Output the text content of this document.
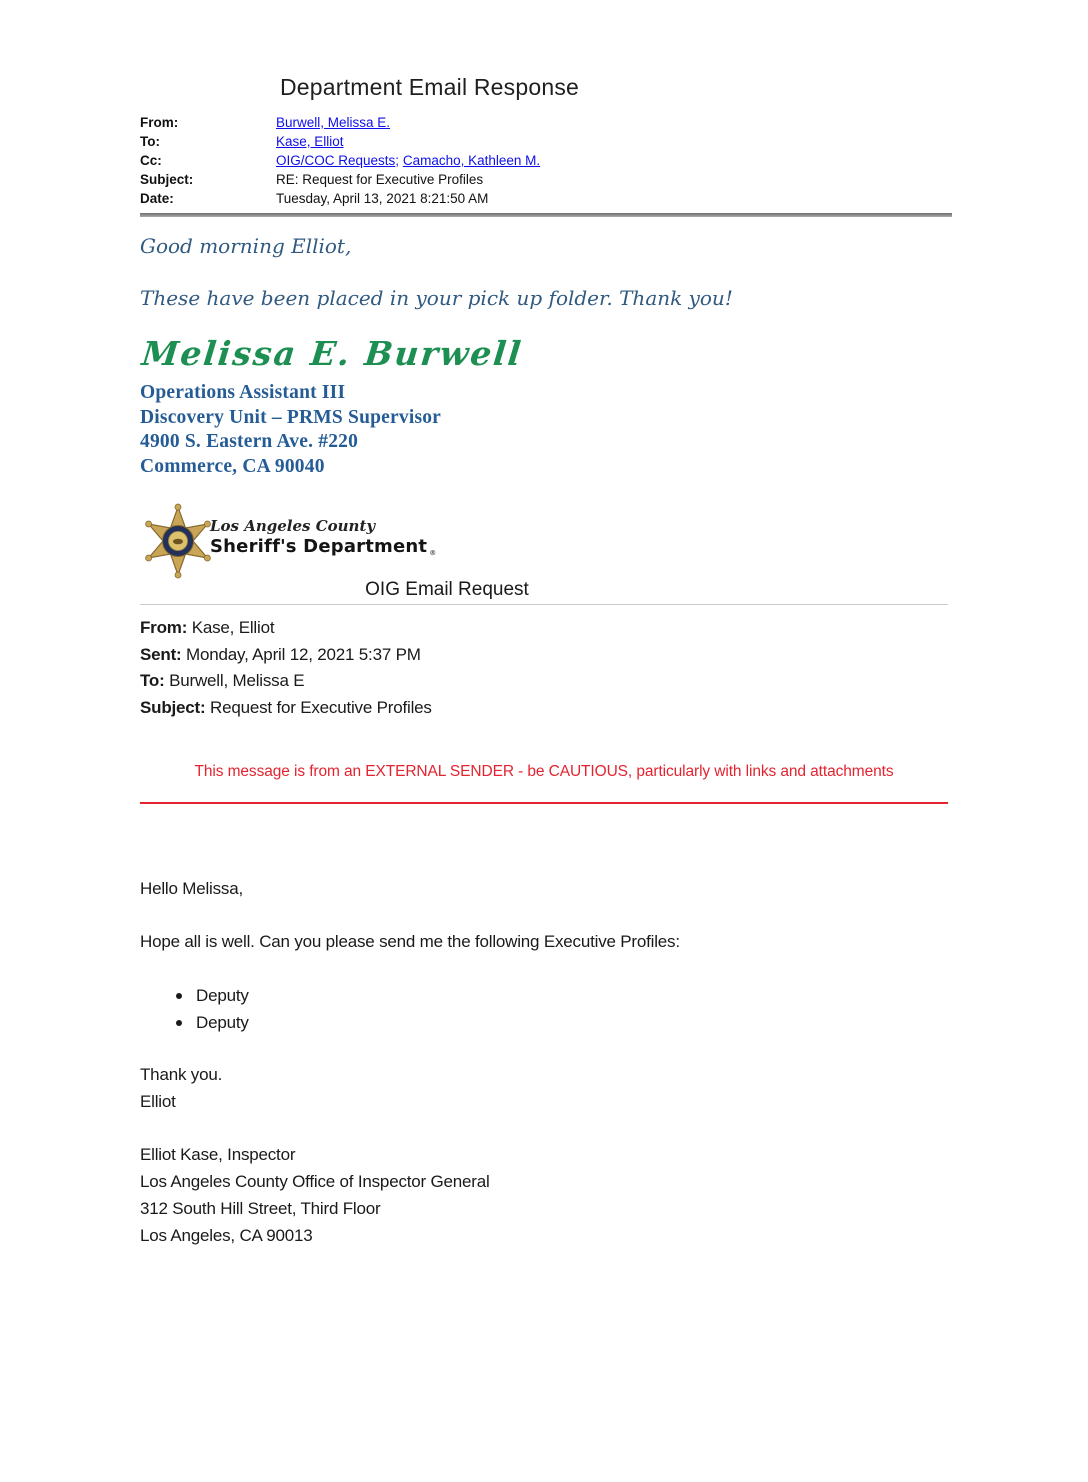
Department Email Response
From:	Burwell, Melissa E.
To:	Kase, Elliot
Cc:	OIG/COC Requests; Camacho, Kathleen M.
Subject:	RE: Request for Executive Profiles
Date:	Tuesday, April 13, 2021 8:21:50 AM

Good morning Elliot,

These have been placed in your pick up folder. Thank you!

Melissa E. Burwell
Operations Assistant III
Discovery Unit – PRMS Supervisor
4900 S. Eastern Ave. #220
Commerce, CA 90040
Los Angeles County
Sheriff's Department ®
OIG Email Request
From: Kase, Elliot
Sent: Monday, April 12, 2021 5:37 PM
To: Burwell, Melissa E
Subject: Request for Executive Profiles
This message is from an EXTERNAL SENDER - be CAUTIOUS, particularly with links and attachments

Hello Melissa,

Hope all is well. Can you please send me the following Executive Profiles:

Deputy
Deputy

Thank you.

Elliot

Elliot Kase, Inspector

Los Angeles County Office of Inspector General

312 South Hill Street, Third Floor

Los Angeles, CA 90013
